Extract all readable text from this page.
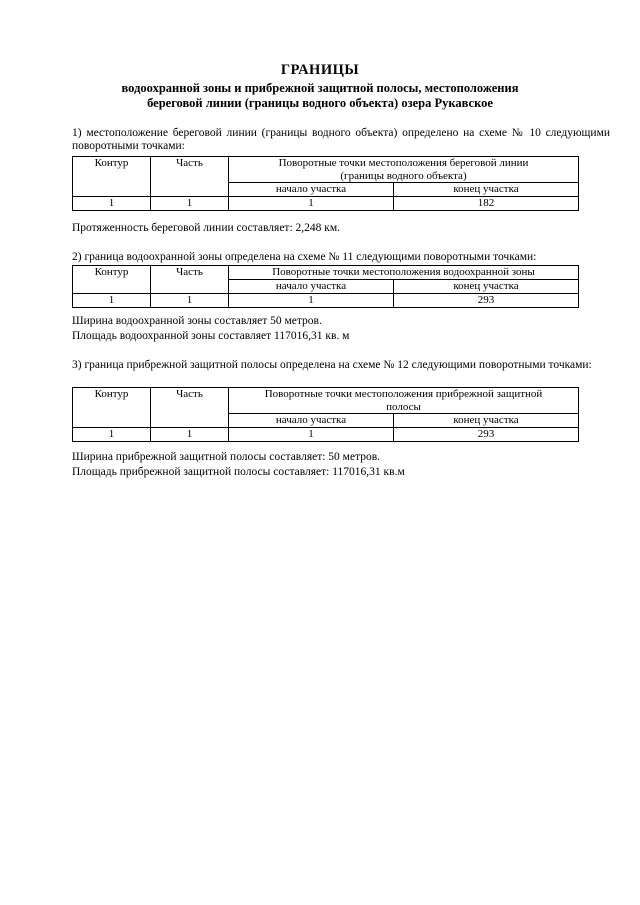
ГРАНИЦЫ

водоохранной зоны и прибрежной защитной полосы, местоположения

береговой линии (границы водного объекта) озера Рукавское

1) местоположение береговой линии (границы водного объекта) определено на схеме № 10 следующими поворотными точками:

Контур	Часть	Поворотные точки местоположения береговой линии (границы водного объекта)	
		начало участка	конец участка
1	1	1	182

Протяженность береговой линии составляет: 2,248 км.

2) граница водоохранной зоны определена на схеме № 11 следующими поворотными точками:

Контур	Часть	Поворотные точки местоположения водоохранной зоны	
		начало участка	конец участка
1	1	1	293

Ширина водоохранной зоны составляет 50 метров.

Площадь водоохранной зоны составляет 117016,31 кв. м

3) граница прибрежной защитной полосы определена на схеме № 12 следующими поворотными точками:

Контур	Часть	Поворотные точки местоположения прибрежной защитной полосы	
		начало участка	конец участка
1	1	1	293

Ширина прибрежной защитной полосы составляет: 50 метров.

Площадь прибрежной защитной полосы составляет: 117016,31 кв.м
